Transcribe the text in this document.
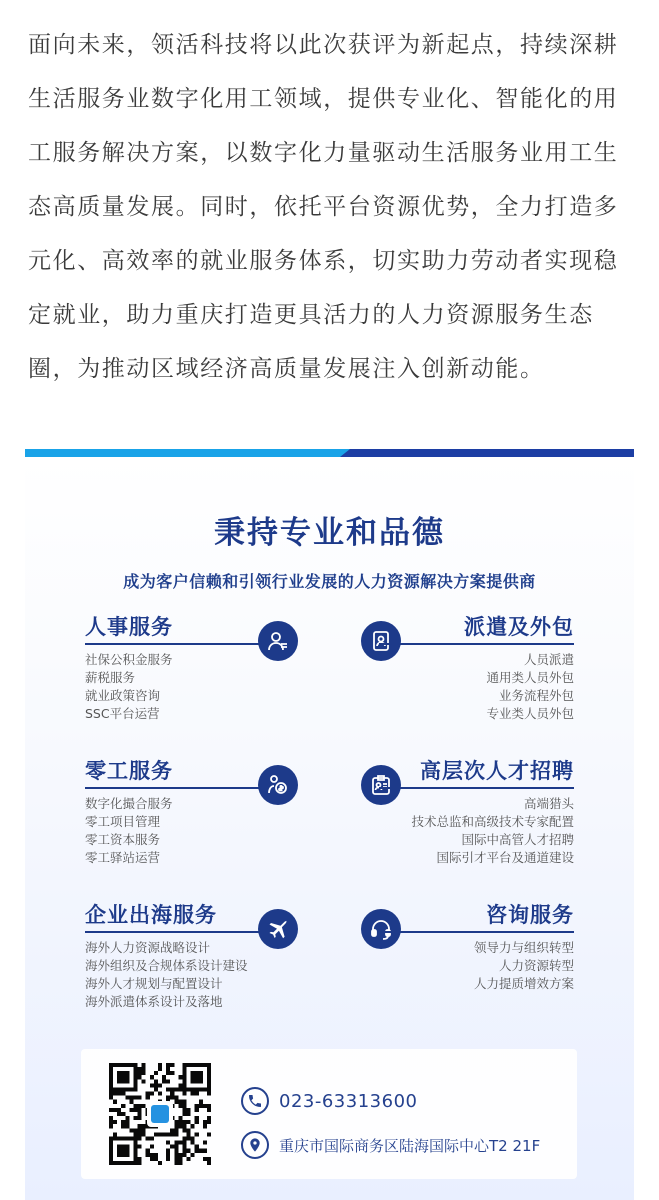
面向未来，领活科技将以此次获评为新起点，持续深耕
生活服务业数字化用工领域，提供专业化、智能化的用
工服务解决方案，以数字化力量驱动生活服务业用工生
态高质量发展。同时，依托平台资源优势，全力打造多
元化、高效率的就业服务体系，切实助力劳动者实现稳
定就业，助力重庆打造更具活力的人力资源服务生态
圈，为推动区域经济高质量发展注入创新动能。
秉持专业和品德
成为客户信赖和引领行业发展的人力资源解决方案提供商
人事服务
社保公积金服务
薪税服务
就业政策咨询
SSC平台运营
派遣及外包
人员派遣
通用类人员外包
业务流程外包
专业类人员外包
零工服务
数字化撮合服务
零工项目管理
零工资本服务
零工驿站运营
高层次人才招聘
高端猎头
技术总监和高级技术专家配置
国际中高管人才招聘
国际引才平台及通道建设
企业出海服务
海外人力资源战略设计
海外组织及合规体系设计建设
海外人才规划与配置设计
海外派遣体系设计及落地
咨询服务
领导力与组织转型
人力资源转型
人力提质增效方案
023-63313600
重庆市国际商务区陆海国际中心T2 21F
